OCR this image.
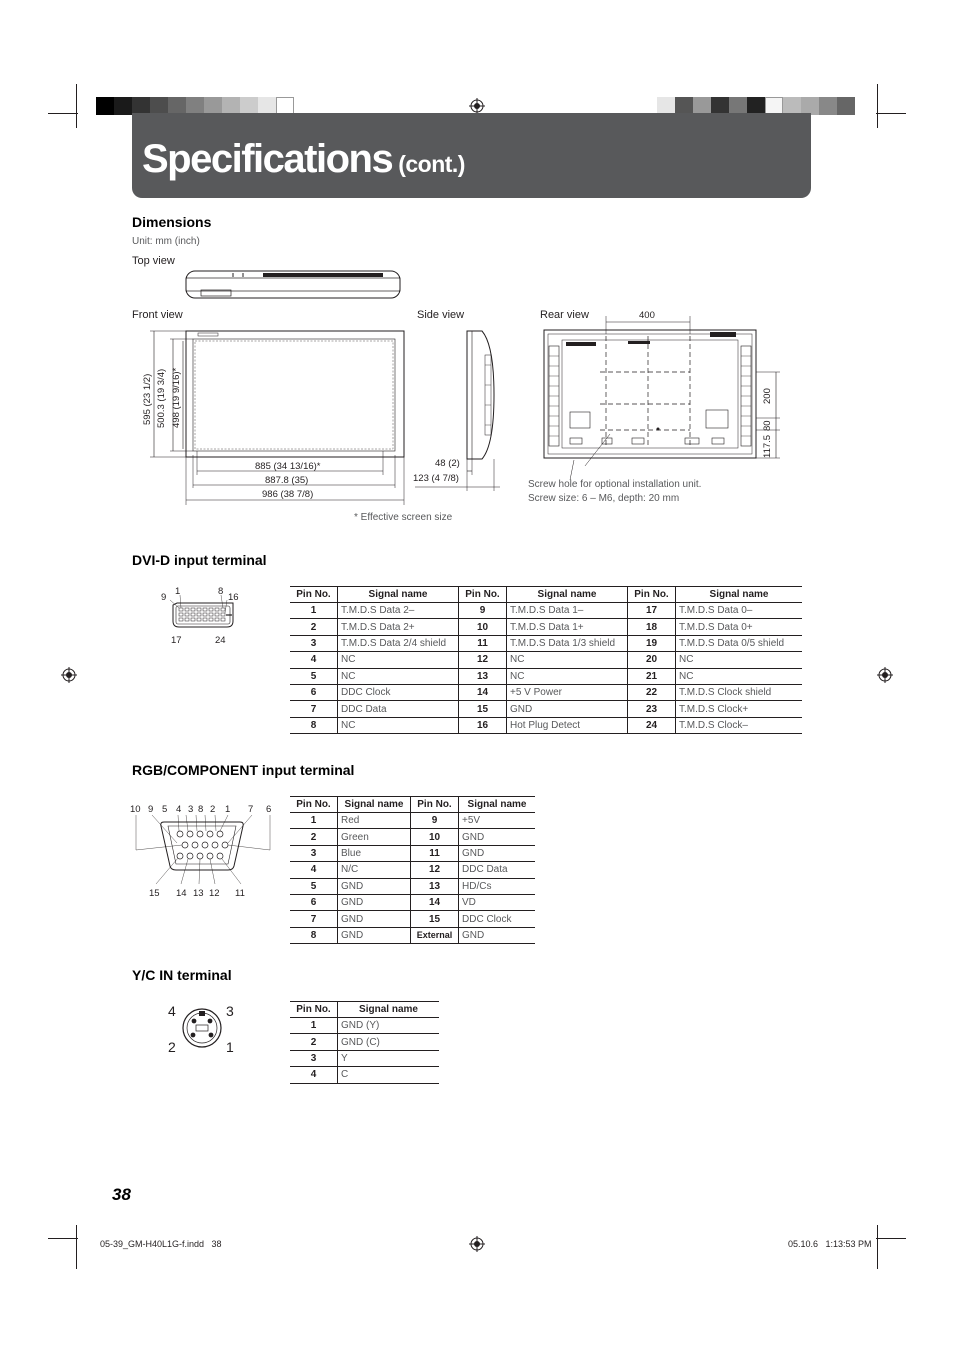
Specifications (cont.)
Dimensions
Unit: mm (inch)
Top view
Front view	Side view	Rear view
595 (23 1/2) 500.3 (19 3/4) 498 (19 9/16)*
885 (34 13/16)*
887.8 (35)
986 (38 7/8)
48 (2)
123 (4 7/8)
400
200
80
117.5
Screw hole for optional installation unit.
Screw size: 6 – M6, depth: 20 mm
* Effective screen size
DVI-D input terminal
9
1	8
16
17	24
Pin No.	Signal name	Pin No.	Signal name	Pin No.	Signal name
1	T.M.D.S Data 2–	9	T.M.D.S Data 1–	17	T.M.D.S Data 0–
2	T.M.D.S Data 2+	10	T.M.D.S Data 1+	18	T.M.D.S Data 0+
3	T.M.D.S Data 2/4 shield	11	T.M.D.S Data 1/3 shield	19	T.M.D.S Data 0/5 shield
4	NC	12	NC	20	NC
5	NC	13	NC	21	NC
6	DDC Clock	14	+5 V Power	22	T.M.D.S Clock shield
7	DDC Data	15	GND	23	T.M.D.S Clock+
8	NC	16	Hot Plug Detect	24	T.M.D.S Clock–
RGB/COMPONENT input terminal
10 9 5 4 3 8 2 1 7 6
15 14 13 12 11
Pin No.	Signal name	Pin No.	Signal name
1	Red	9	+5V
2	Green	10	GND
3	Blue	11	GND
4	N/C	12	DDC Data
5	GND	13	HD/Cs
6	GND	14	VD
7	GND	15	DDC Clock
8	GND	External	GND
Y/C IN terminal
4	3
2	1
Pin No.	Signal name
1	GND (Y)
2	GND (C)
3	Y
4	C
38
05-39_GM-H40L1G-f.indd   38	05.10.6   1:13:53 PM
